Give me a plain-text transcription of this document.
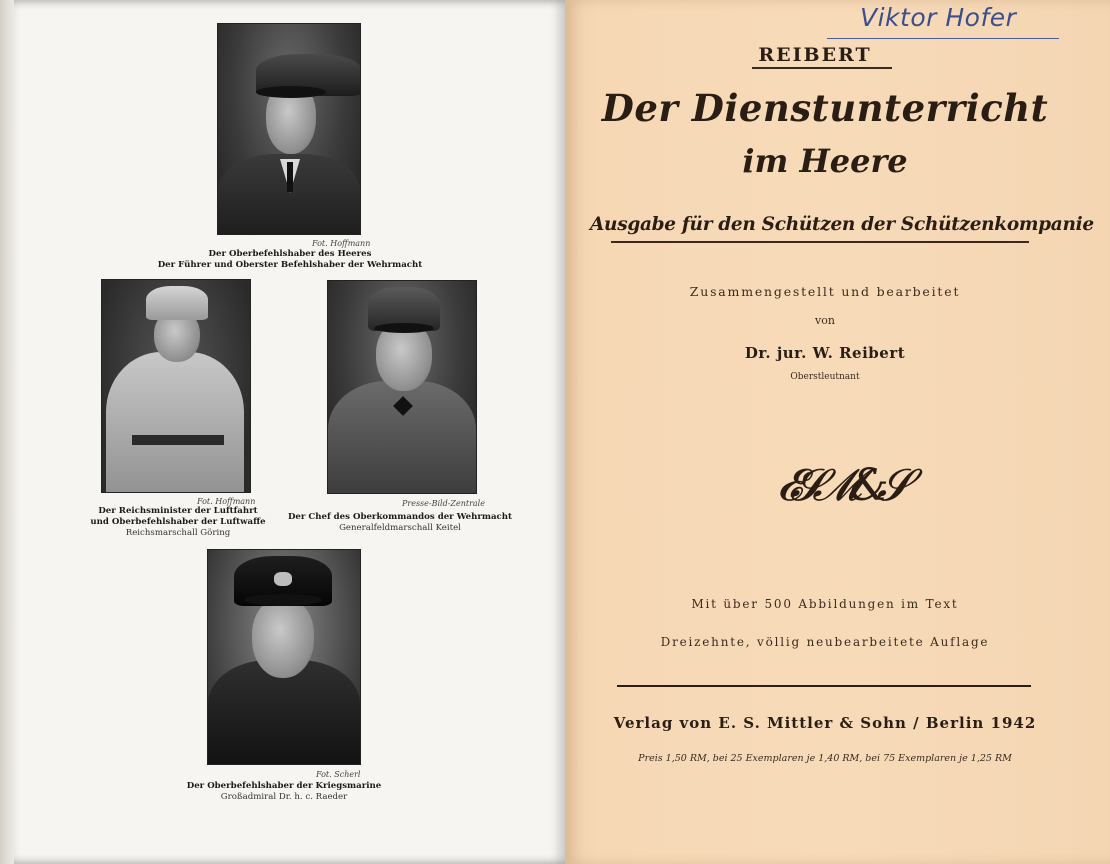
Fot. Hoffmann
Der Oberbefehlshaber des Heeres
Der Führer und Oberster Befehlshaber der Wehrmacht
Fot. Hoffmann
Der Reichsminister der Luftfahrt
und Oberbefehlshaber der Luftwaffe
Reichsmarschall Göring
Presse-Bild-Zentrale
Der Chef des Oberkommandos der Wehrmacht
Generalfeldmarschall Keitel
Fot. Scherl
Der Oberbefehlshaber der Kriegsmarine
Großadmiral Dr. h. c. Raeder
Viktor Hofer
REIBERT
Der Dienstunterricht
im Heere
Ausgabe für den Schützen der Schützenkompanie
Zusammengestellt und bearbeitet
von
Dr. jur. W. Reibert
Oberstleutnant
𝓔𝓢𝓜&𝓢
Mit über 500 Abbildungen im Text
Dreizehnte, völlig neubearbeitete Auflage
Verlag von E. S. Mittler & Sohn / Berlin 1942
Preis 1,50 RM, bei 25 Exemplaren je 1,40 RM, bei 75 Exemplaren je 1,25 RM
